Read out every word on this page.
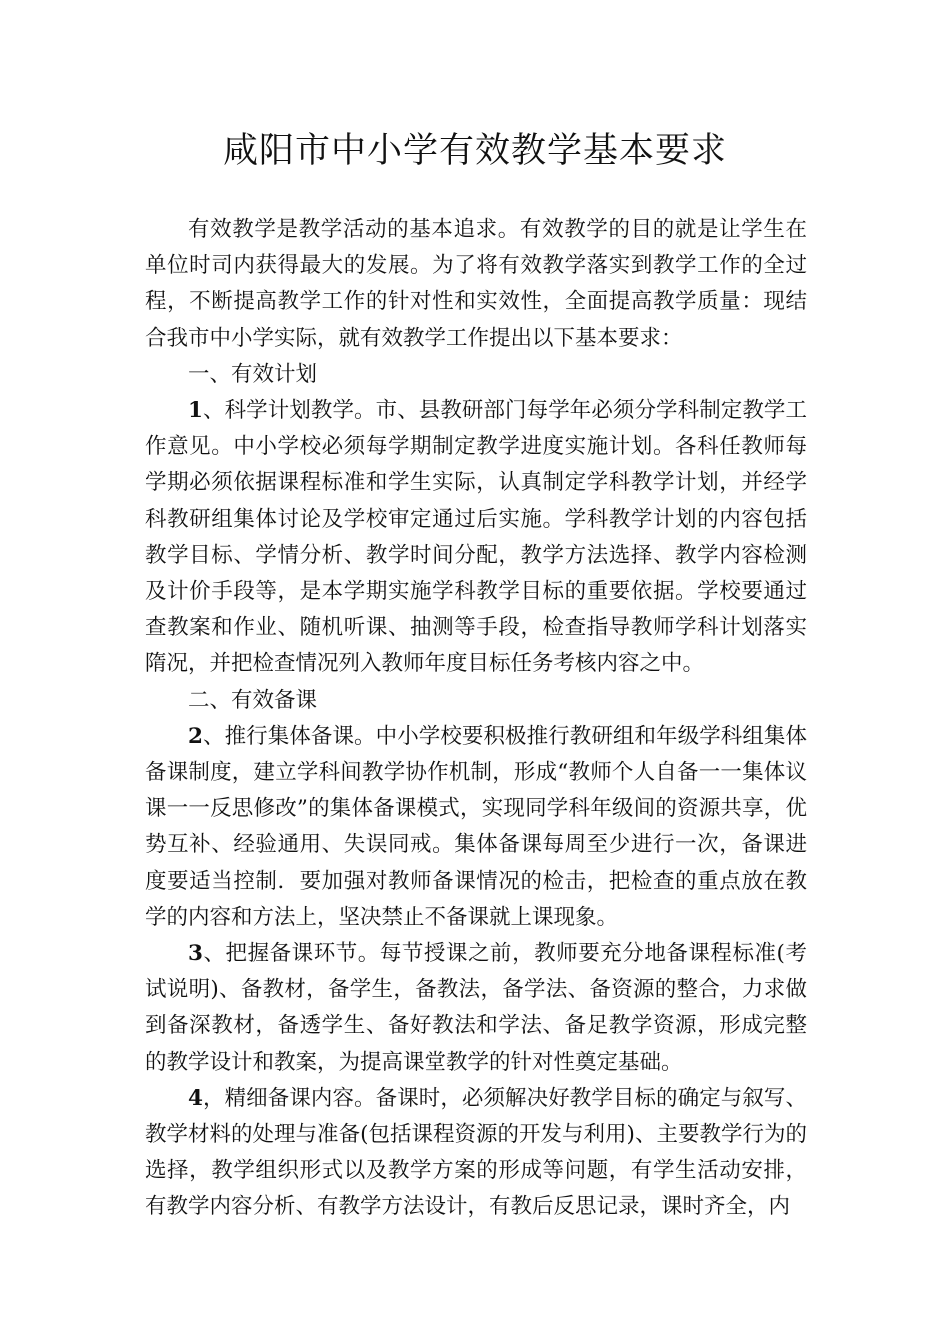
咸阳市中小学有效教学基本要求

有效教学是教学活动的基本追求。有效教学的目的就是让学生在单位时司内获得最大的发展。为了将有效教学落实到教学工作的全过程，不断提高教学工作的针对性和实效性，全面提高教学质量：现结合我市中小学实际，就有效教学工作提出以下基本要求：

一、有效计划

1、科学计划教学。市、县教研部门每学年必须分学科制定教学工作意见。中小学校必须每学期制定教学进度实施计划。各科任教师每学期必须依据课程标准和学生实际，认真制定学科教学计划，并经学科教研组集体讨论及学校审定通过后实施。学科教学计划的内容包括教学目标、学情分析、教学时间分配，教学方法选择、教学内容检测及计价手段等，是本学期实施学科教学目标的重要依据。学校要通过查教案和作业、随机听课、抽测等手段，检查指导教师学科计划落实隋况，并把检查情况列入教师年度目标任务考核内容之中。

二、有效备课

2、推行集体备课。中小学校要积极推行教研组和年级学科组集体备课制度，建立学科间教学协作机制，形成“教师个人自备一一集体议课一一反思修改”的集体备课模式，实现同学科年级间的资源共享，优势互补、经验通用、失误同戒。集体备课每周至少进行一次，备课进度要适当控制．要加强对教师备课情况的检击，把检查的重点放在教学的内容和方法上，坚决禁止不备课就上课现象。

3、把握备课环节。每节授课之前，教师要充分地备课程标准(考试说明)、备教材，备学生，备教法，备学法、备资源的整合，力求做到备深教材，备透学生、备好教法和学法、备足教学资源，形成完整的教学设计和教案，为提高课堂教学的针对性奠定基础。

4，精细备课内容。备课时，必须解决好教学目标的确定与叙写、教学材料的处理与准备(包括课程资源的开发与利用)、主要教学行为的选择，教学组织形式以及教学方案的形成等问题，有学生活动安排，有教学内容分析、有教学方法设计，有教后反思记录，课时齐全，内
